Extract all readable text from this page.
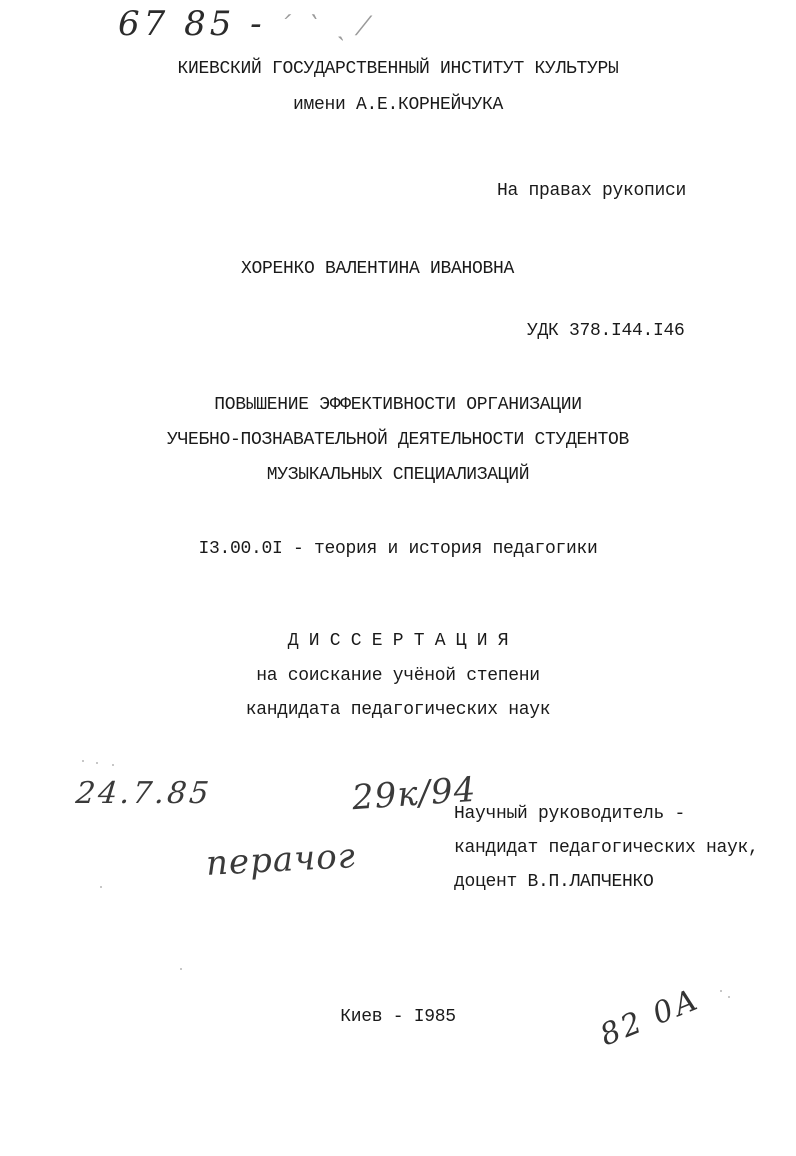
67 85 - ˊ ˋ ˎ ⁄
КИЕВСКИЙ ГОСУДАРСТВЕННЫЙ ИНСТИТУТ КУЛЬТУРЫ
имени А.Е.КОРНЕЙЧУКА
На правах рукописи
ХОРЕНКО ВАЛЕНТИНА ИВАНОВНА
УДК 378.I44.I46
ПОВЫШЕНИЕ ЭФФЕКТИВНОСТИ ОРГАНИЗАЦИИ
УЧЕБНО-ПОЗНАВАТЕЛЬНОЙ ДЕЯТЕЛЬНОСТИ СТУДЕНТОВ
МУЗЫКАЛЬНЫХ СПЕЦИАЛИЗАЦИЙ
I3.00.0I - теория и история педагогики
Д И С С Е Р Т А Ц И Я
на соискание учёной степени
кандидата педагогических наук
24.7.85	29к/94
перачог
Научный руководитель -
кандидат педагогических наук,
доцент В.П.ЛАПЧЕНКО
Киев - I985	82 0А
